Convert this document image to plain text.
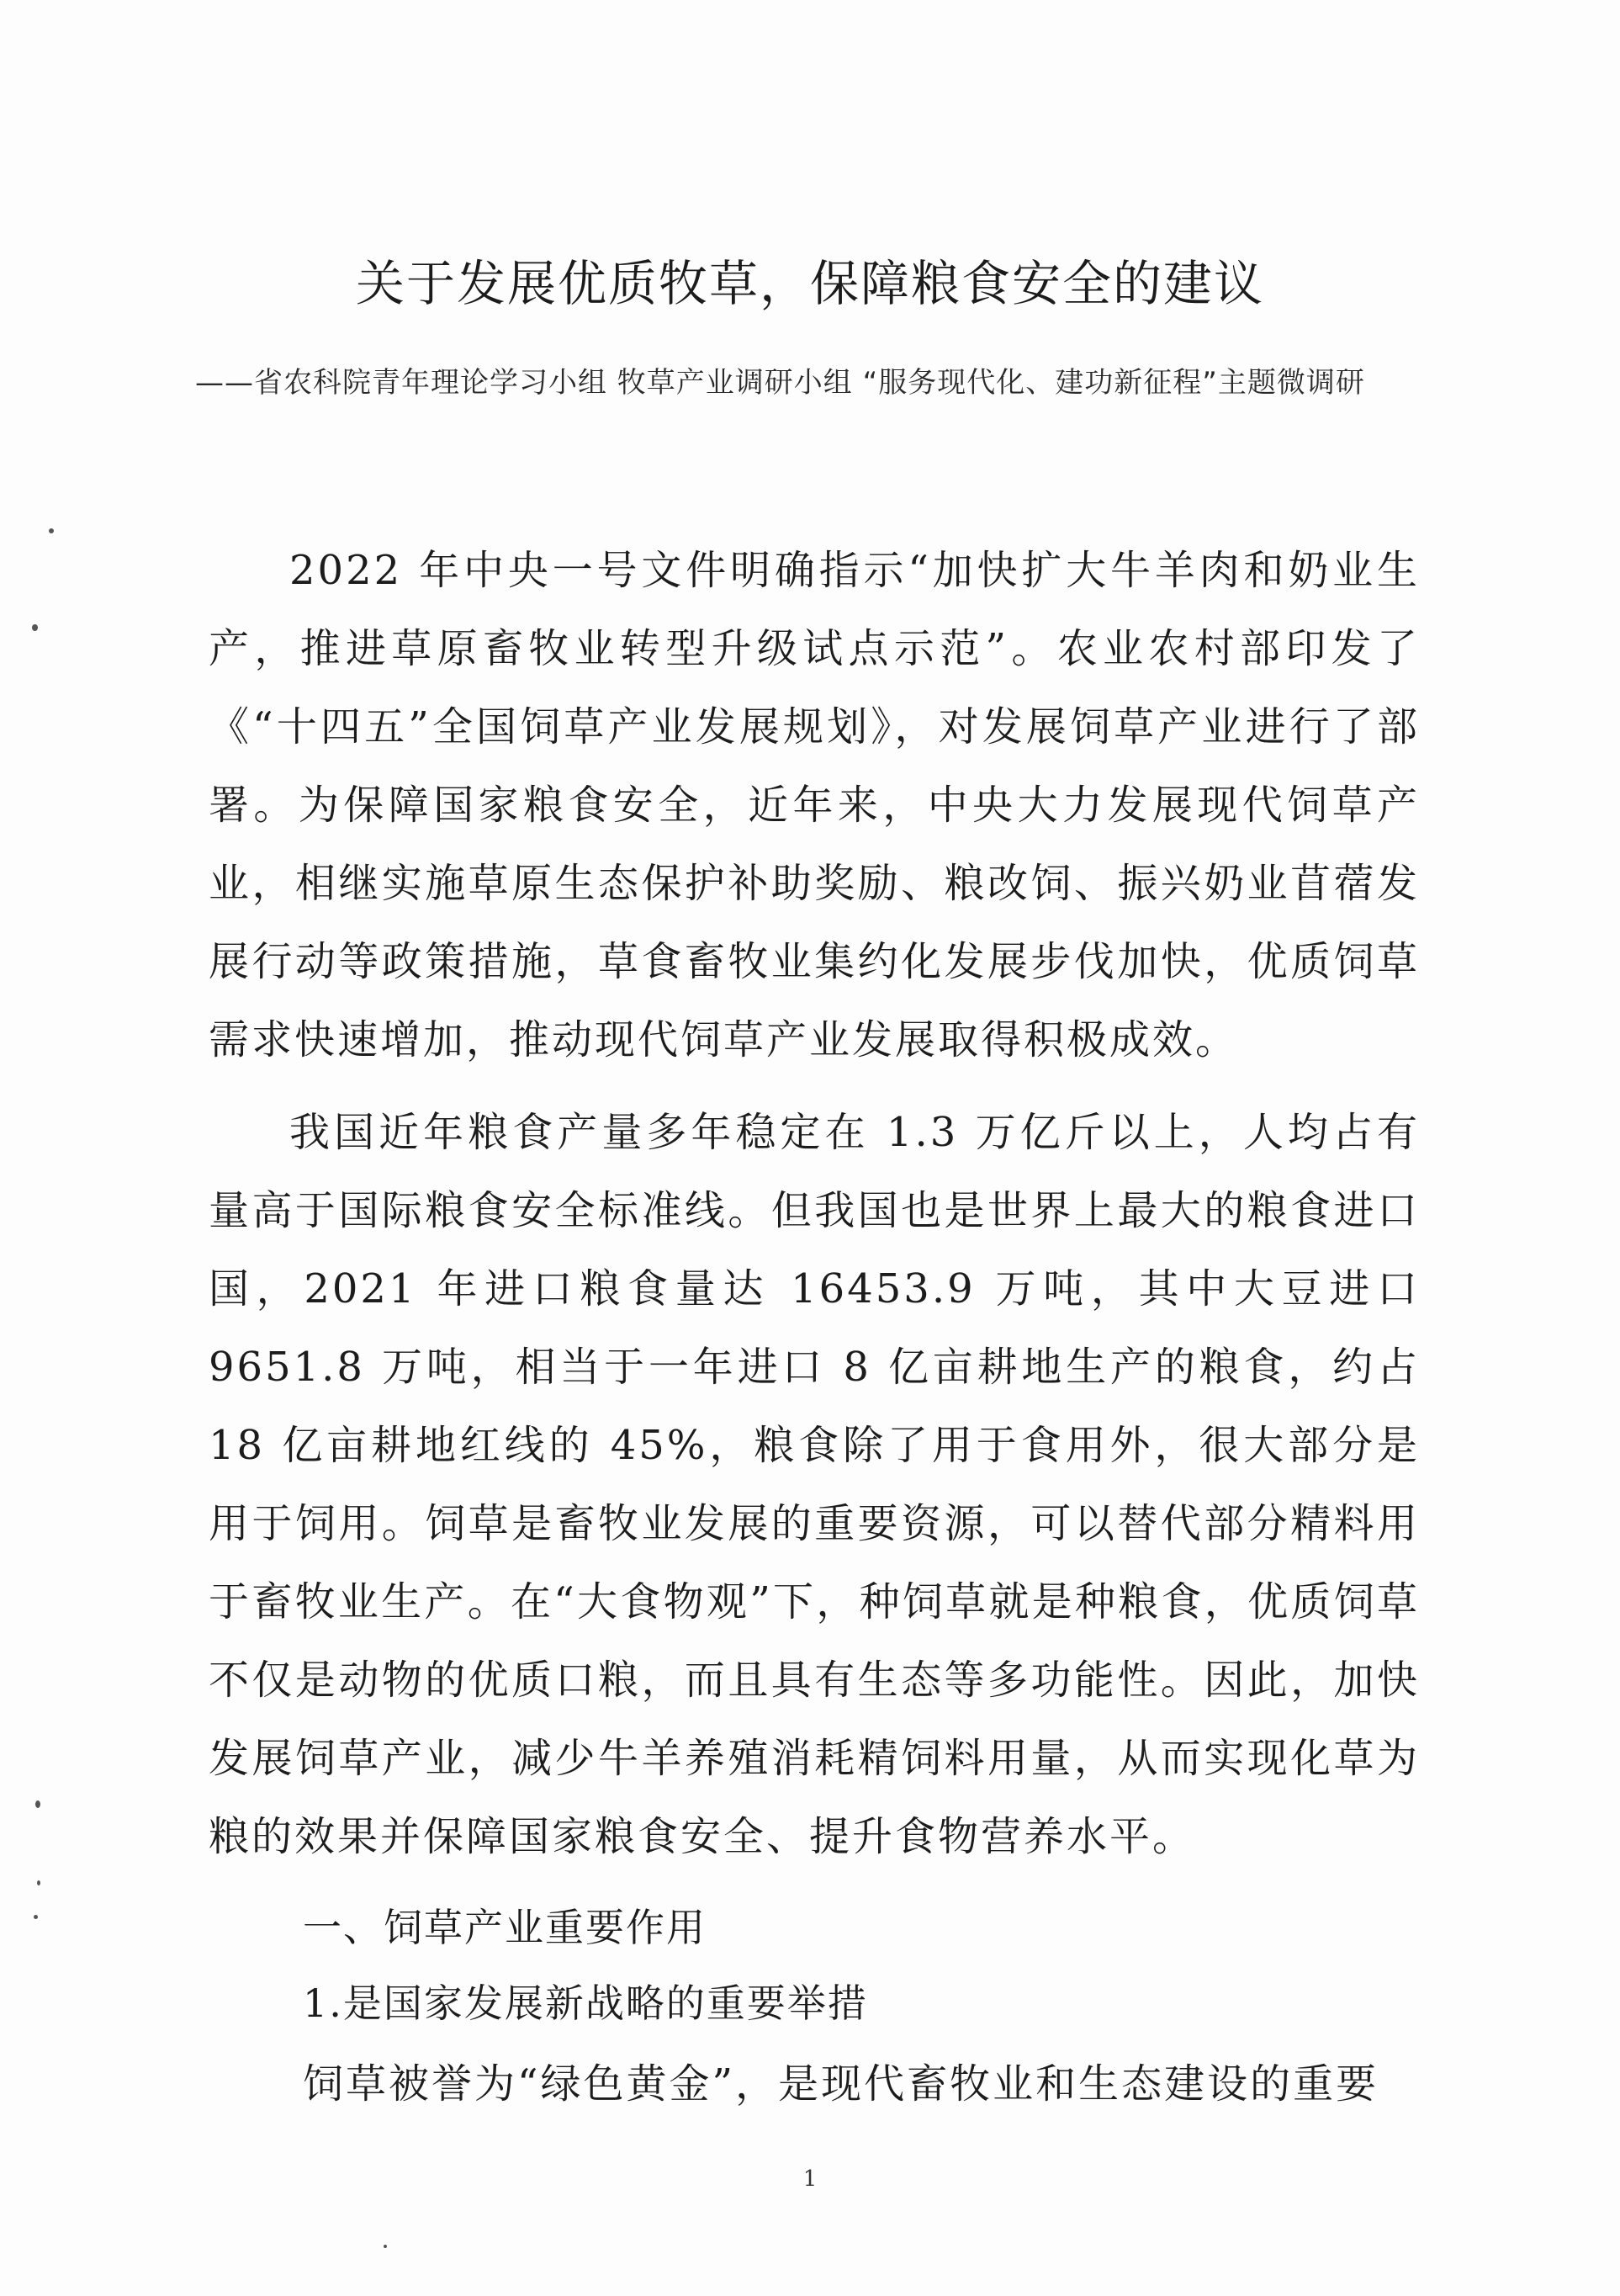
关于发展优质牧草，保障粮食安全的建议
——省农科院青年理论学习小组 牧草产业调研小组 “服务现代化、建功新征程”主题微调研
2022 年中央一号文件明确指示“加快扩大牛羊肉和奶业生产，推进草原畜牧业转型升级试点示范”。农业农村部印发了《“十四五”全国饲草产业发展规划》，对发展饲草产业进行了部署。为保障国家粮食安全，近年来，中央大力发展现代饲草产业，相继实施草原生态保护补助奖励、粮改饲、振兴奶业苜蓿发展行动等政策措施，草食畜牧业集约化发展步伐加快，优质饲草需求快速增加，推动现代饲草产业发展取得积极成效。
我国近年粮食产量多年稳定在 1.3 万亿斤以上，人均占有量高于国际粮食安全标准线。但我国也是世界上最大的粮食进口国，2021 年进口粮食量达 16453.9 万吨，其中大豆进口 9651.8 万吨，相当于一年进口 8 亿亩耕地生产的粮食，约占 18 亿亩耕地红线的 45%，粮食除了用于食用外，很大部分是用于饲用。饲草是畜牧业发展的重要资源，可以替代部分精料用于畜牧业生产。在“大食物观”下，种饲草就是种粮食，优质饲草不仅是动物的优质口粮，而且具有生态等多功能性。因此，加快发展饲草产业，减少牛羊养殖消耗精饲料用量，从而实现化草为粮的效果并保障国家粮食安全、提升食物营养水平。
一、饲草产业重要作用
1.是国家发展新战略的重要举措
饲草被誉为“绿色黄金”，是现代畜牧业和生态建设的重要
1
